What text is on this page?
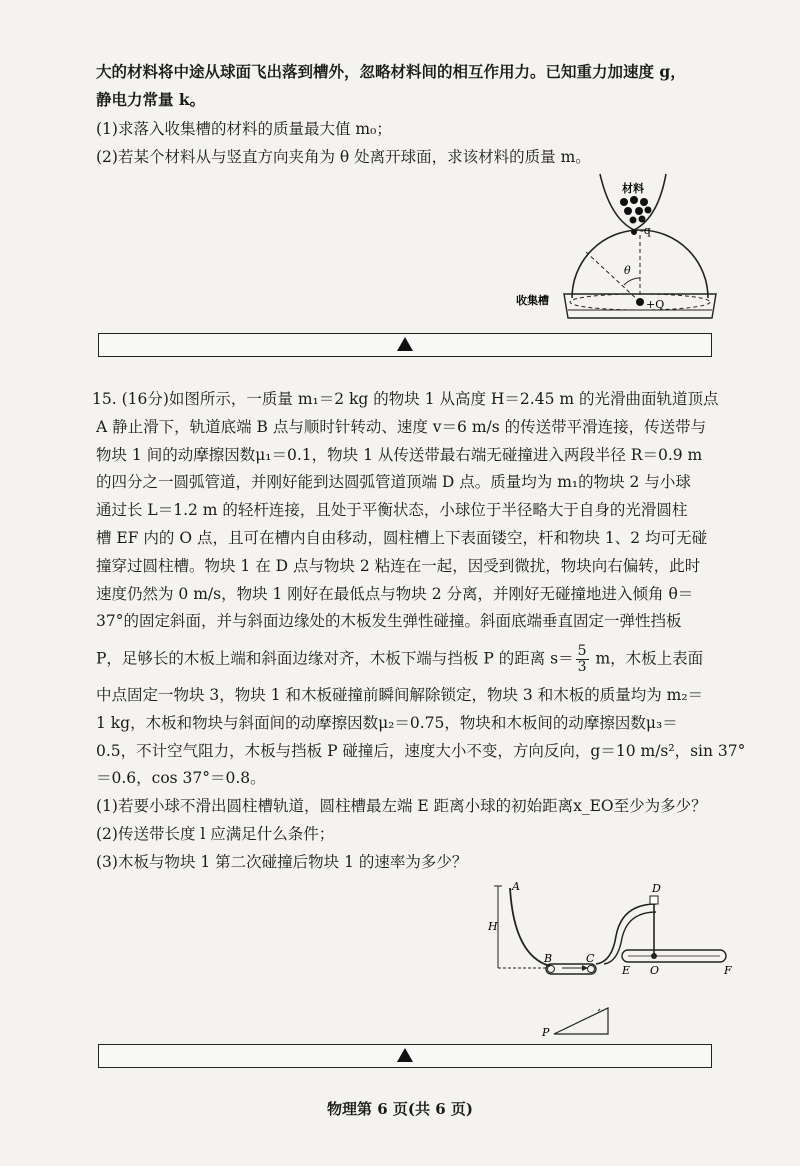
大的材料将中途从球面飞出落到槽外，忽略材料间的相互作用力。已知重力加速度 g，
静电力常量 k。
(1)求落入收集槽的材料的质量最大值 m₀；
(2)若某个材料从与竖直方向夹角为 θ 处离开球面，求该材料的质量 m。
材料
-q
θ
+Q
收集槽
15. (16分)如图所示，一质量 m₁＝2 kg 的物块 1 从高度 H＝2.45 m 的光滑曲面轨道顶点
A 静止滑下，轨道底端 B 点与顺时针转动、速度 v＝6 m/s 的传送带平滑连接，传送带与
物块 1 间的动摩擦因数μ₁＝0.1，物块 1 从传送带最右端无碰撞进入两段半径 R＝0.9 m
的四分之一圆弧管道，并刚好能到达圆弧管道顶端 D 点。质量均为 m₁的物块 2 与小球
通过长 L＝1.2 m 的轻杆连接，且处于平衡状态，小球位于半径略大于自身的光滑圆柱
槽 EF 内的 O 点，且可在槽内自由移动，圆柱槽上下表面镂空，杆和物块 1、2 均可无碰
撞穿过圆柱槽。物块 1 在 D 点与物块 2 粘连在一起，因受到微扰，物块向右偏转，此时
速度仍然为 0 m/s，物块 1 刚好在最低点与物块 2 分离，并刚好无碰撞地进入倾角 θ＝
37°的固定斜面，并与斜面边缘处的木板发生弹性碰撞。斜面底端垂直固定一弹性挡板
P，足够长的木板上端和斜面边缘对齐，木板下端与挡板 P 的距离 $s= \frac{5}{3}$ m，木板上表面
中点固定一物块 3，物块 1 和木板碰撞前瞬间解除锁定，物块 3 和木板的质量均为 m₂＝
1 kg，木板和物块与斜面间的动摩擦因数μ₂＝0.75，物块和木板间的动摩擦因数μ₃＝
0.5，不计空气阻力，木板与挡板 P 碰撞后，速度大小不变，方向反向，g＝10 m/s²，sin 37°
＝0.6，cos 37°＝0.8。
(1)若要小球不滑出圆柱槽轨道，圆柱槽最左端 E 距离小球的初始距离x_EO至少为多少？
(2)传送带长度 l 应满足什么条件；
(3)木板与物块 1 第二次碰撞后物块 1 的速率为多少？
A
H
B	C
D
E O	F
P
物理第 6 页(共 6 页)
